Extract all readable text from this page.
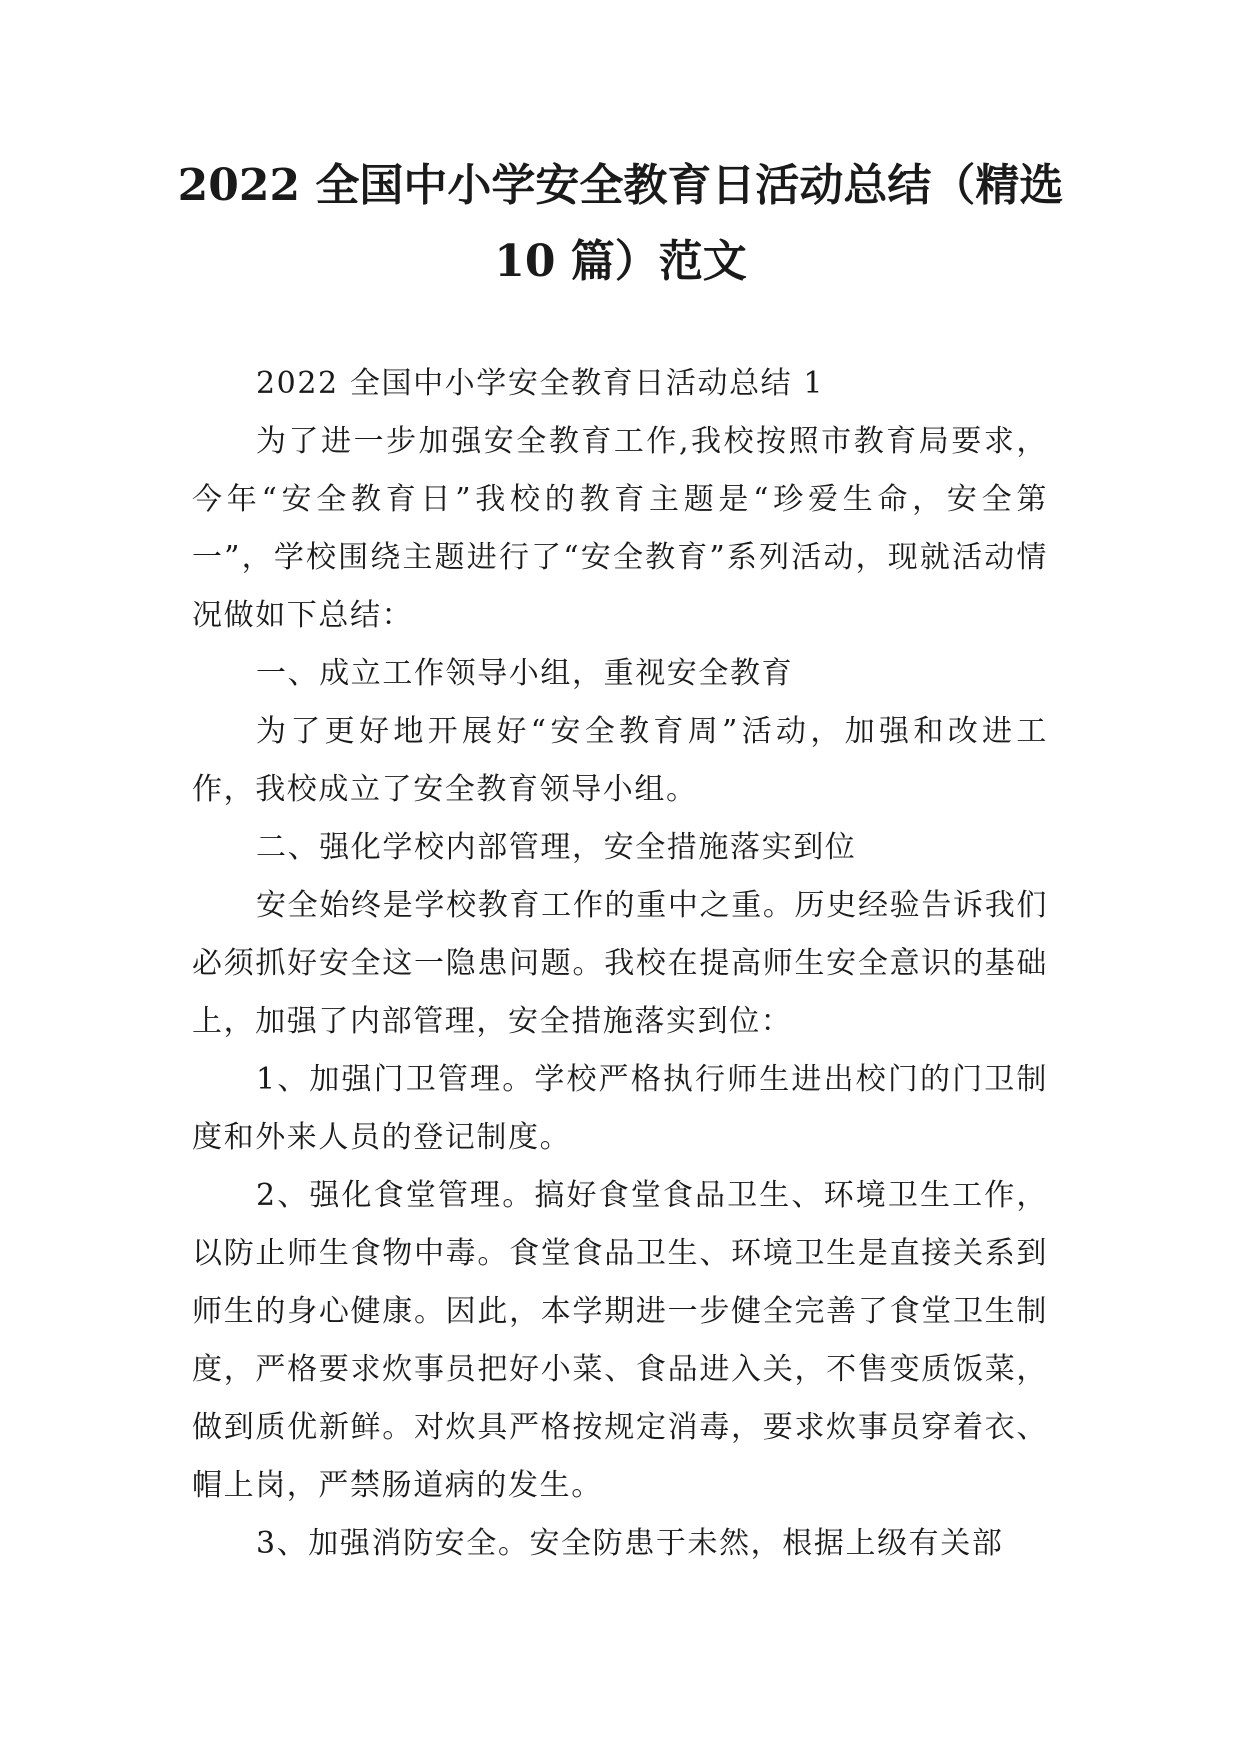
2022 全国中小学安全教育日活动总结（精选
10 篇）范文

2022 全国中小学安全教育日活动总结 1

为了进一步加强安全教育工作,我校按照市教育局要求，今年“安全教育日”我校的教育主题是“珍爱生命，安全第一”，学校围绕主题进行了“安全教育”系列活动，现就活动情况做如下总结：

一、成立工作领导小组，重视安全教育

为了更好地开展好“安全教育周”活动，加强和改进工作，我校成立了安全教育领导小组。

二、强化学校内部管理，安全措施落实到位

安全始终是学校教育工作的重中之重。历史经验告诉我们必须抓好安全这一隐患问题。我校在提高师生安全意识的基础上，加强了内部管理，安全措施落实到位：

1、加强门卫管理。学校严格执行师生进出校门的门卫制度和外来人员的登记制度。

2、强化食堂管理。搞好食堂食品卫生、环境卫生工作，以防止师生食物中毒。食堂食品卫生、环境卫生是直接关系到师生的身心健康。因此，本学期进一步健全完善了食堂卫生制度，严格要求炊事员把好小菜、食品进入关，不售变质饭菜，做到质优新鲜。对炊具严格按规定消毒，要求炊事员穿着衣、帽上岗，严禁肠道病的发生。

3、加强消防安全。安全防患于未然，根据上级有关部
